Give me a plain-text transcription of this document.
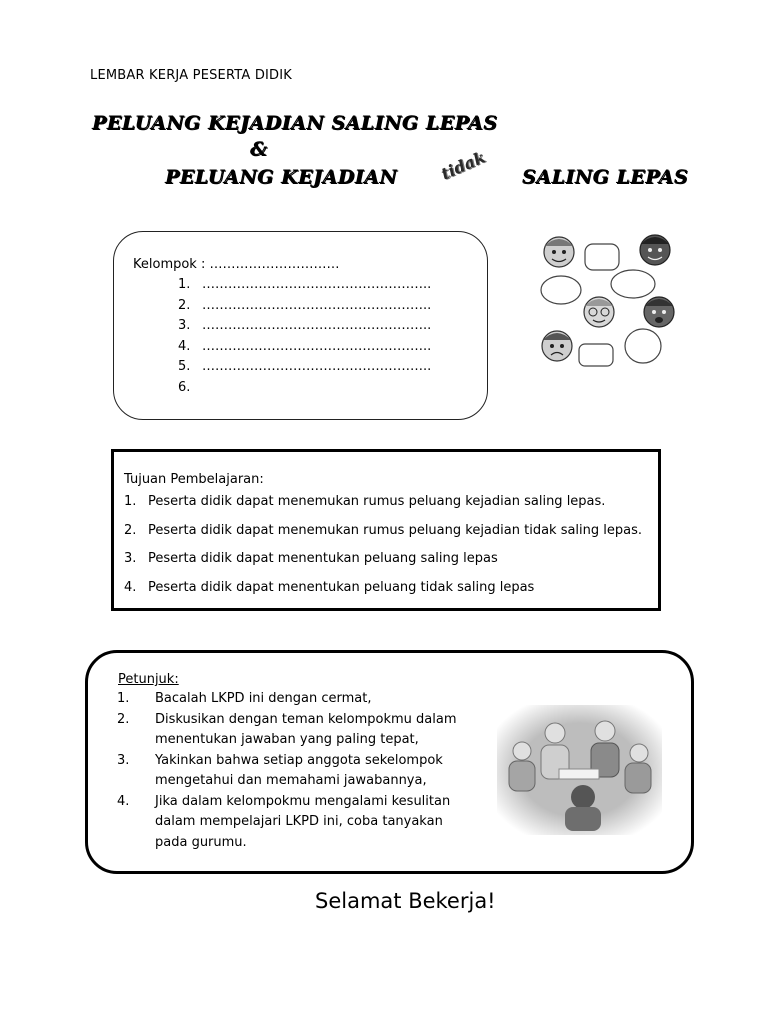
LEMBAR KERJA PESERTA DIDIK
PELUANG KEJADIAN SALING LEPAS
&
PELUANG KEJADIAN	tidak SALING LEPAS
Kelompok : …………………………
1. ……………………………………………..
2. ……………………………………………..
3. ……………………………………………..
4. ……………………………………………..
5. ……………………………………………..
6.
Tujuan Pembelajaran:
1. Peserta didik dapat menemukan rumus peluang kejadian saling lepas.
2. Peserta didik dapat menemukan rumus peluang kejadian tidak saling lepas.
3. Peserta didik dapat menentukan peluang saling lepas
4. Peserta didik dapat menentukan peluang tidak saling lepas
Petunjuk:
1. Bacalah LKPD ini dengan cermat,
2. Diskusikan dengan teman kelompokmu dalam
menentukan jawaban yang paling tepat,
3. Yakinkan bahwa setiap anggota sekelompok
mengetahui dan memahami jawabannya,
4. Jika dalam kelompokmu mengalami kesulitan
dalam mempelajari LKPD ini, coba tanyakan
pada gurumu.
Selamat Bekerja!
